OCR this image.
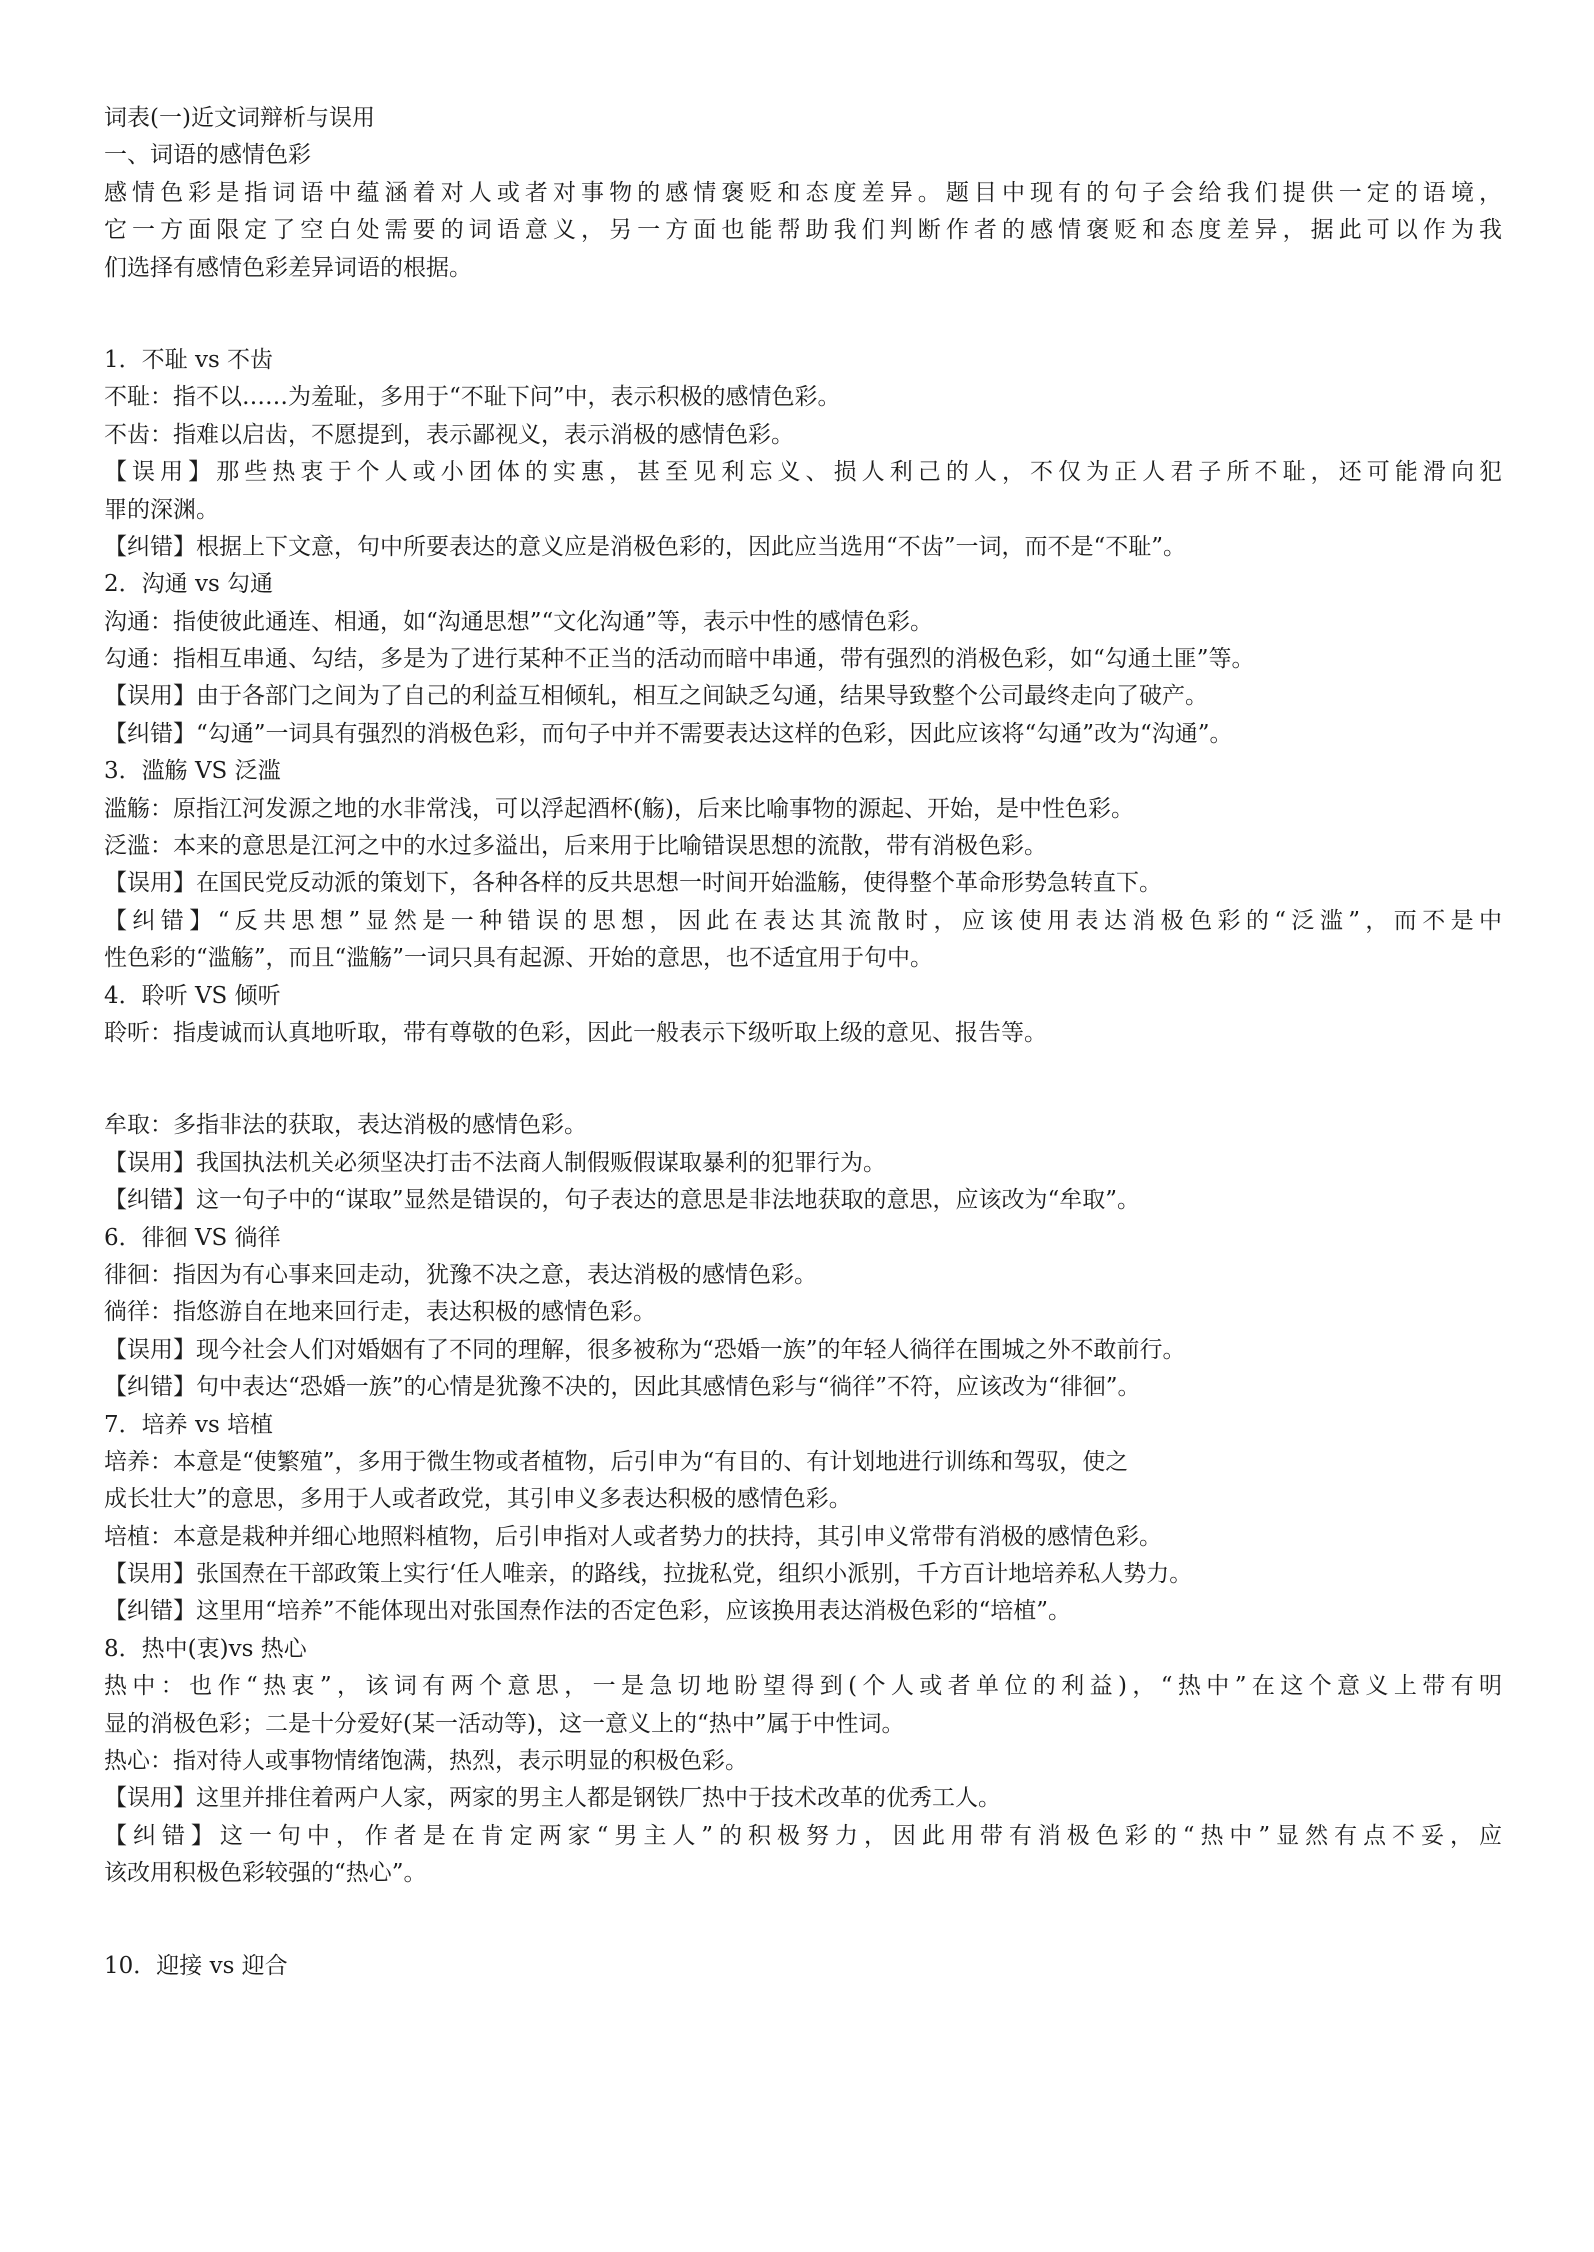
词表(一)近文词辩析与误用
一、词语的感情色彩
感情色彩是指词语中蕴涵着对人或者对事物的感情褒贬和态度差异。题目中现有的句子会给我们提供一定的语境，
它一方面限定了空白处需要的词语意义，另一方面也能帮助我们判断作者的感情褒贬和态度差异，据此可以作为我
们选择有感情色彩差异词语的根据。
1．不耻 vs 不齿
不耻：指不以……为羞耻，多用于“不耻下问”中，表示积极的感情色彩。
不齿：指难以启齿，不愿提到，表示鄙视义，表示消极的感情色彩。
【误用】那些热衷于个人或小团体的实惠，甚至见利忘义、损人利己的人，不仅为正人君子所不耻，还可能滑向犯
罪的深渊。
【纠错】根据上下文意，句中所要表达的意义应是消极色彩的，因此应当选用“不齿”一词，而不是“不耻”。
2．沟通 vs 勾通
沟通：指使彼此通连、相通，如“沟通思想”“文化沟通”等，表示中性的感情色彩。
勾通：指相互串通、勾结，多是为了进行某种不正当的活动而暗中串通，带有强烈的消极色彩，如“勾通土匪”等。
【误用】由于各部门之间为了自己的利益互相倾轧，相互之间缺乏勾通，结果导致整个公司最终走向了破产。
【纠错】“勾通”一词具有强烈的消极色彩，而句子中并不需要表达这样的色彩，因此应该将“勾通”改为“沟通”。
3．滥觞 VS 泛滥
滥觞：原指江河发源之地的水非常浅，可以浮起酒杯(觞)，后来比喻事物的源起、开始，是中性色彩。
泛滥：本来的意思是江河之中的水过多溢出，后来用于比喻错误思想的流散，带有消极色彩。
【误用】在国民党反动派的策划下，各种各样的反共思想一时间开始滥觞，使得整个革命形势急转直下。
【纠错】“反共思想”显然是一种错误的思想，因此在表达其流散时，应该使用表达消极色彩的“泛滥”，而不是中
性色彩的“滥觞”，而且“滥觞”一词只具有起源、开始的意思，也不适宜用于句中。
4．聆听 VS 倾听
聆听：指虔诚而认真地听取，带有尊敬的色彩，因此一般表示下级听取上级的意见、报告等。
牟取：多指非法的获取，表达消极的感情色彩。
【误用】我国执法机关必须坚决打击不法商人制假贩假谋取暴利的犯罪行为。
【纠错】这一句子中的“谋取”显然是错误的，句子表达的意思是非法地获取的意思，应该改为“牟取”。
6．徘徊 VS 徜徉
徘徊：指因为有心事来回走动，犹豫不决之意，表达消极的感情色彩。
徜徉：指悠游自在地来回行走，表达积极的感情色彩。
【误用】现今社会人们对婚姻有了不同的理解，很多被称为“恐婚一族”的年轻人徜徉在围城之外不敢前行。
【纠错】句中表达“恐婚一族”的心情是犹豫不决的，因此其感情色彩与“徜徉”不符，应该改为“徘徊”。
7．培养 vs 培植
培养：本意是“使繁殖”，多用于微生物或者植物，后引申为“有目的、有计划地进行训练和驾驭，使之
成长壮大”的意思，多用于人或者政党，其引申义多表达积极的感情色彩。
培植：本意是栽种并细心地照料植物，后引申指对人或者势力的扶持，其引申义常带有消极的感情色彩。
【误用】张国焘在干部政策上实行‘任人唯亲，的路线，拉拢私党，组织小派别，千方百计地培养私人势力。
【纠错】这里用“培养”不能体现出对张国焘作法的否定色彩，应该换用表达消极色彩的“培植”。
8．热中(衷)vs 热心
热中：也作“热衷”，该词有两个意思，一是急切地盼望得到(个人或者单位的利益)，“热中”在这个意义上带有明
显的消极色彩；二是十分爱好(某一活动等)，这一意义上的“热中”属于中性词。
热心：指对待人或事物情绪饱满，热烈，表示明显的积极色彩。
【误用】这里并排住着两户人家，两家的男主人都是钢铁厂热中于技术改革的优秀工人。
【纠错】这一句中，作者是在肯定两家“男主人”的积极努力，因此用带有消极色彩的“热中”显然有点不妥，应
该改用积极色彩较强的“热心”。
10．迎接 vs 迎合
